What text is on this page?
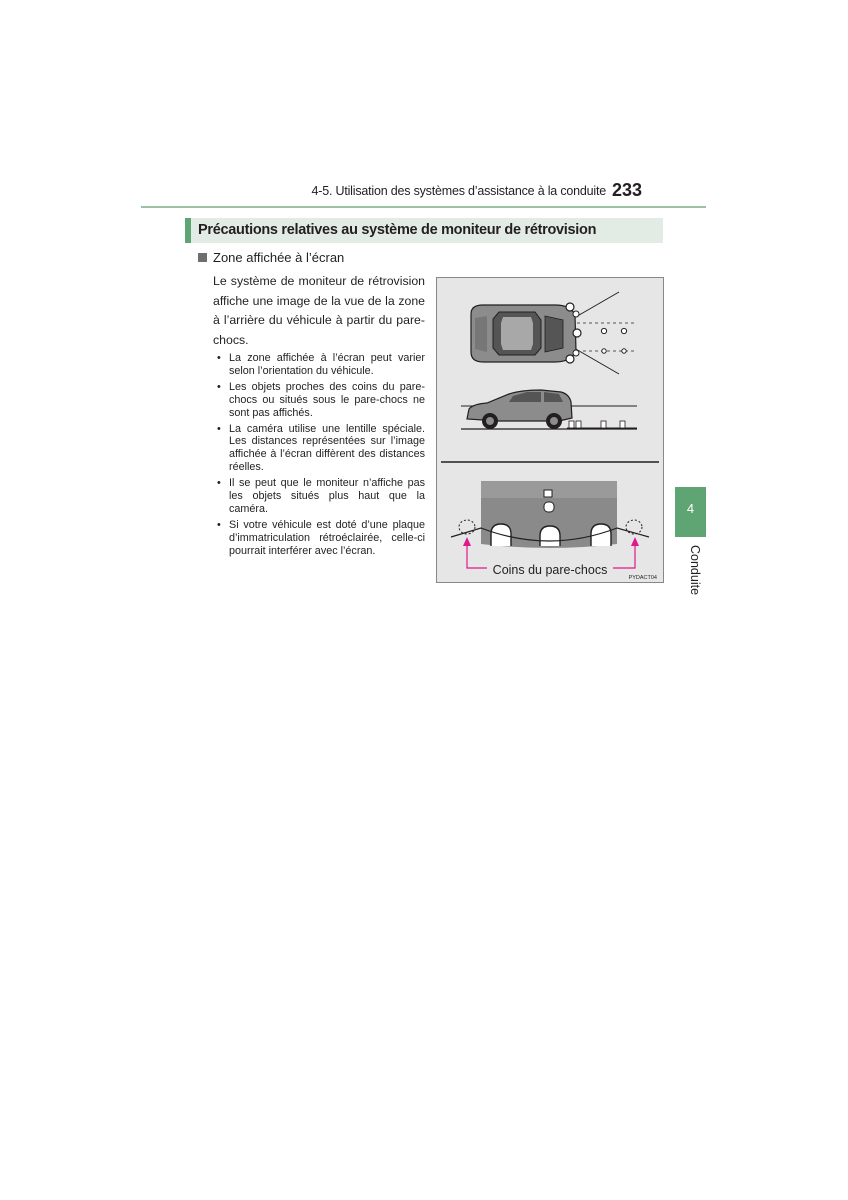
4-5. Utilisation des systèmes d’assistance à la conduite 233
Précautions relatives au système de moniteur de rétrovision
Zone affichée à l’écran

Le système de moniteur de rétrovision affiche une image de la vue de la zone à l’arrière du véhicule à partir du pare-chocs.

• La zone affichée à l’écran peut varier selon l’orientation du véhicule.
• Les objets proches des coins du pare-chocs ou situés sous le pare-chocs ne sont pas affichés.
• La caméra utilise une lentille spéciale. Les distances représentées sur l’image affichée à l’écran diffèrent des distances réelles.
• Il se peut que le moniteur n’affiche pas les objets situés plus haut que la caméra.
• Si votre véhicule est doté d’une plaque d’immatriculation rétroéclairée, celle-ci pourrait interférer avec l’écran.
Coins du pare-chocs
PYDACT04
4
Conduite
